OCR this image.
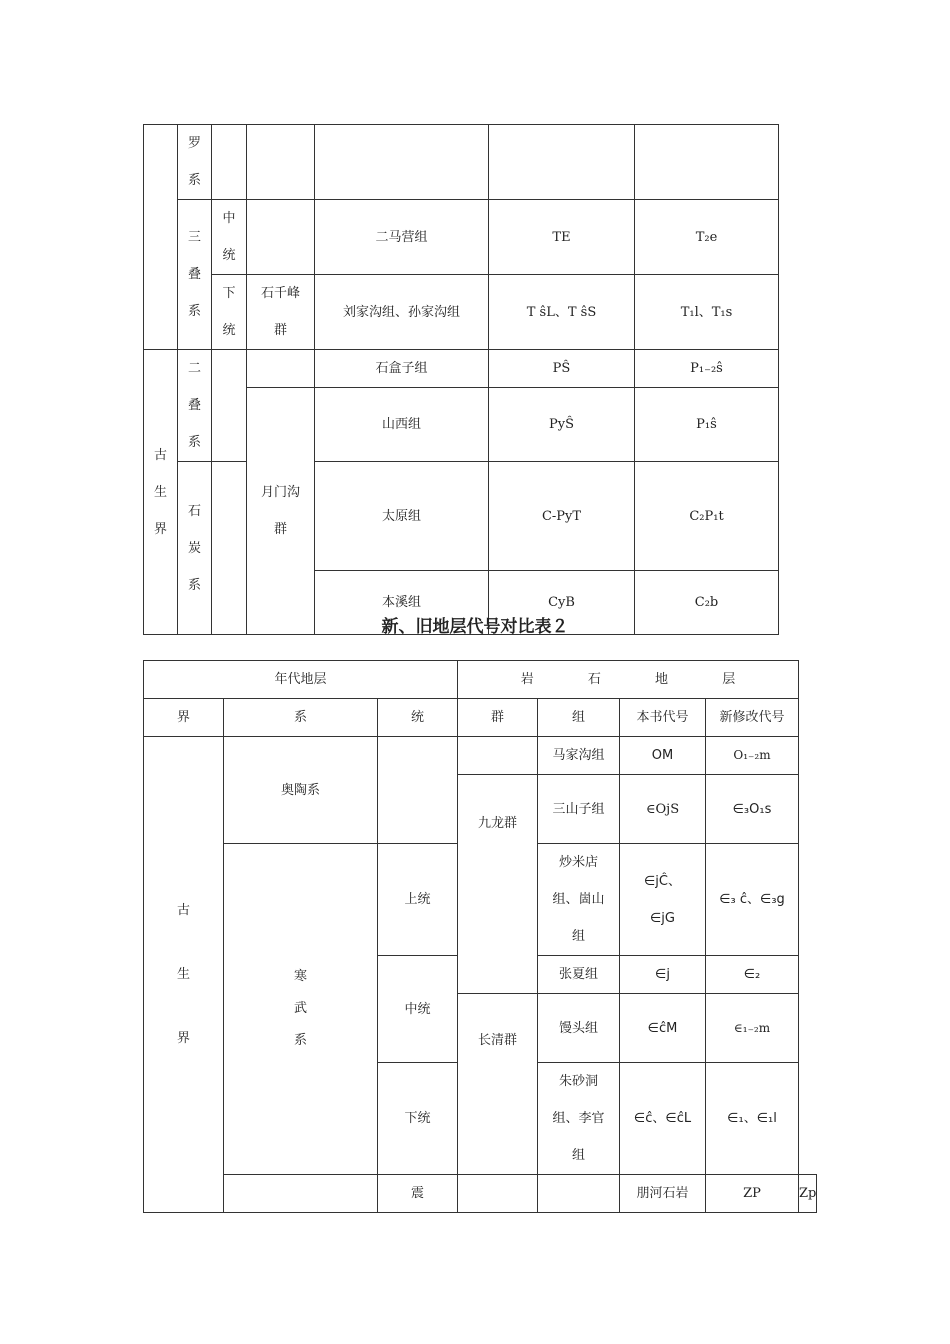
	罗系					

	三叠系	中统		二马营组	TE	T₂e

		下统	石千峰群	刘家沟组、孙家沟组	T ŝL、T ŝS	T₁l、T₁s

古生界	二叠系			石盒子组	PŜ	P₁₋₂ŝ

			月门沟群	山西组	PyŜ	P₁ŝ

	石炭系			太原组	C-PyT	C₂P₁t
				本溪组	CyB	C₂b
新、旧地层代号对比表２
年代地层			岩 石 地 层				
界	系	统	群	组	本书代号	新修改代号	

古生界	奥陶系			马家沟组	OM	O₁₋₂m	
			九龙群	三山子组	∈OjS	∈₃O₁s	

	寒武系	上统		炒米店组、崮山组	∈jĈ、∈jG	∈₃ ĉ、∈₃g	
		中统		张夏组	∈j	∈₂	
			长清群	馒头组	∈ĉM	∈₁₋₂m	
		下统		朱砂洞组、李官组	∈ĉ、∈ĉL	∈₁、∈₁l	
		震			朋河石岩	ZP	Zp
